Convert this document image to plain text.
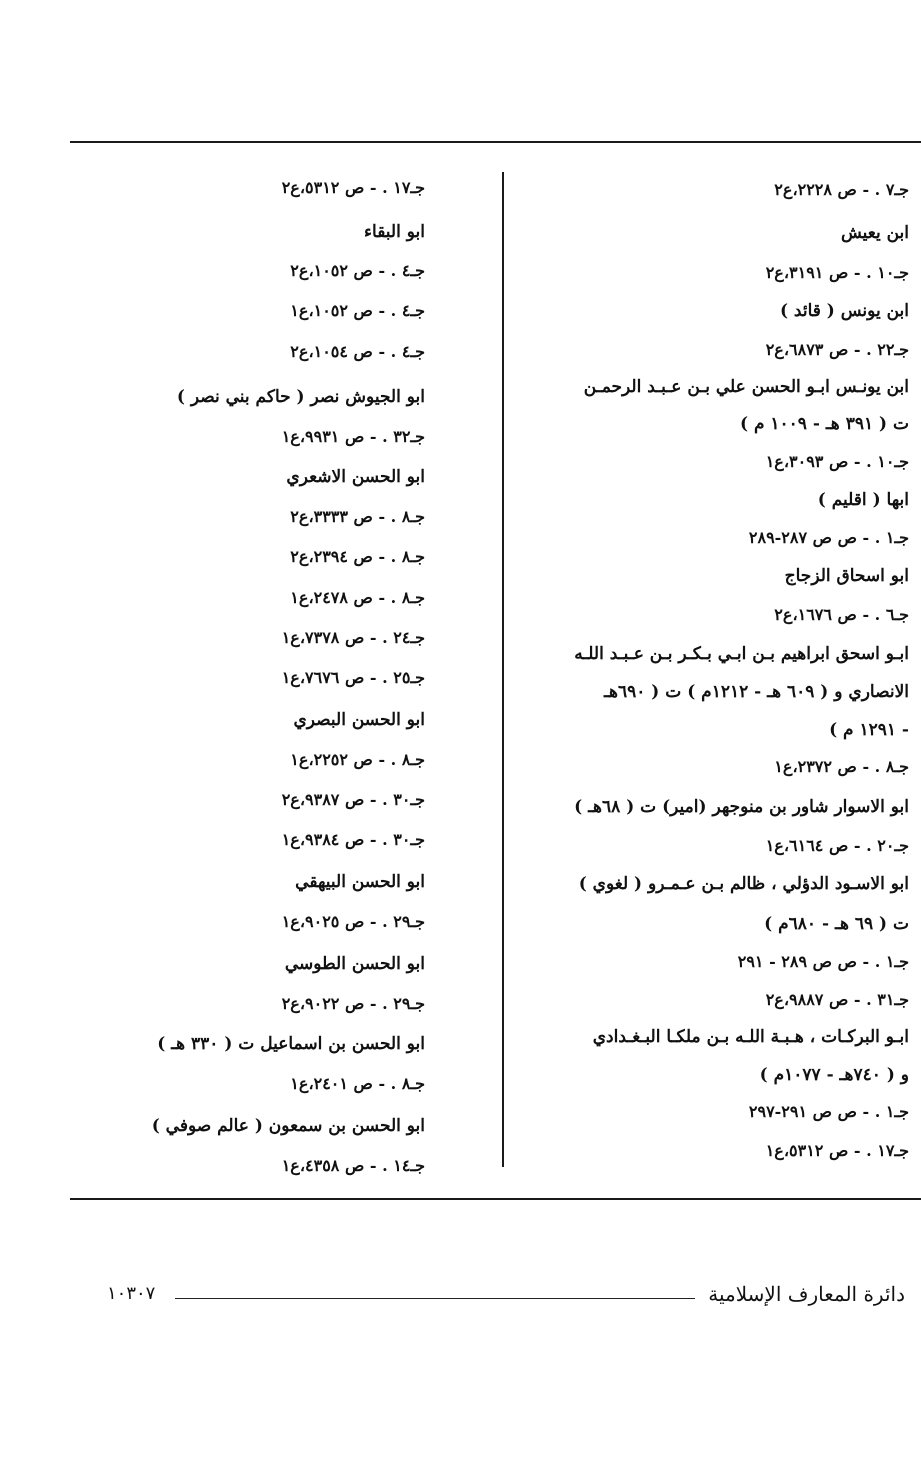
جـ٧ . - ص ٢٢٢٨،ع٢
ابن يعيش
جـ١٠ . - ص ٣١٩١،ع٢
ابن يونس ( قائد )
جـ٢٢ . - ص ٦٨٧٣،ع٢
ابن يونـس ابـو الحسن علي بـن عـبـد الرحمـن
ت ( ٣٩١ هـ - ١٠٠٩ م )
جـ١٠ . - ص ٣٠٩٣،ع١
ابها ( اقليم )
جـ١ . - ص ص ٢٨٧-٢٨٩
ابو اسحاق الزجاج
جـ٦ . - ص ١٦٧٦،ع٢
ابـو اسحق ابراهيم بـن ابـي بـكـر بـن عـبـد اللـه
الانصاري و ( ٦٠٩ هـ - ١٢١٢م ) ت ( ٦٩٠هـ
- ١٢٩١ م )
جـ٨ . - ص ٢٣٧٢،ع١
ابو الاسوار شاور بن منوجهر (امير) ت ( ٦٨هـ )
جـ٢٠ . - ص ٦١٦٤،ع١
ابو الاسـود الدؤلي ، ظالم بـن عـمـرو ( لغوي )
ت ( ٦٩ هـ - ٦٨٠م )
جـ١ . - ص ص ٢٨٩ - ٢٩١
جـ٣١ . - ص ٩٨٨٧،ع٢
ابـو البركـات ، هـبـة اللـه بـن ملكـا البـغـدادي
و ( ٧٤٠هـ - ١٠٧٧م )
جـ١ . - ص ص ٢٩١-٢٩٧
جـ١٧ . - ص ٥٣١٢،ع١
جـ١٧ . - ص ٥٣١٢،ع٢
ابو البقاء
جـ٤ . - ص ١٠٥٢،ع٢
جـ٤ . - ص ١٠٥٢،ع١
جـ٤ . - ص ١٠٥٤،ع٢
ابو الجيوش نصر ( حاكم بني نصر )
جـ٣٢ . - ص ٩٩٣١،ع١
ابو الحسن الاشعري
جـ٨ . - ص ٣٣٣٣،ع٢
جـ٨ . - ص ٢٣٩٤،ع٢
جـ٨ . - ص ٢٤٧٨،ع١
جـ٢٤ . - ص ٧٣٧٨،ع١
جـ٢٥ . - ص ٧٦٧٦،ع١
ابو الحسن البصري
جـ٨ . - ص ٢٢٥٢،ع١
جـ٣٠ . - ص ٩٣٨٧،ع٢
جـ٣٠ . - ص ٩٣٨٤،ع١
ابو الحسن البيهقي
جـ٢٩ . - ص ٩٠٢٥،ع١
ابو الحسن الطوسي
جـ٢٩ . - ص ٩٠٢٢،ع٢
ابو الحسن بن اسماعيل ت ( ٣٣٠ هـ )
جـ٨ . - ص ٢٤٠١،ع١
ابو الحسن بن سمعون ( عالم صوفي )
جـ١٤ . - ص ٤٣٥٨،ع١
دائرة المعارف الإسلامية
١٠٣٠٧
